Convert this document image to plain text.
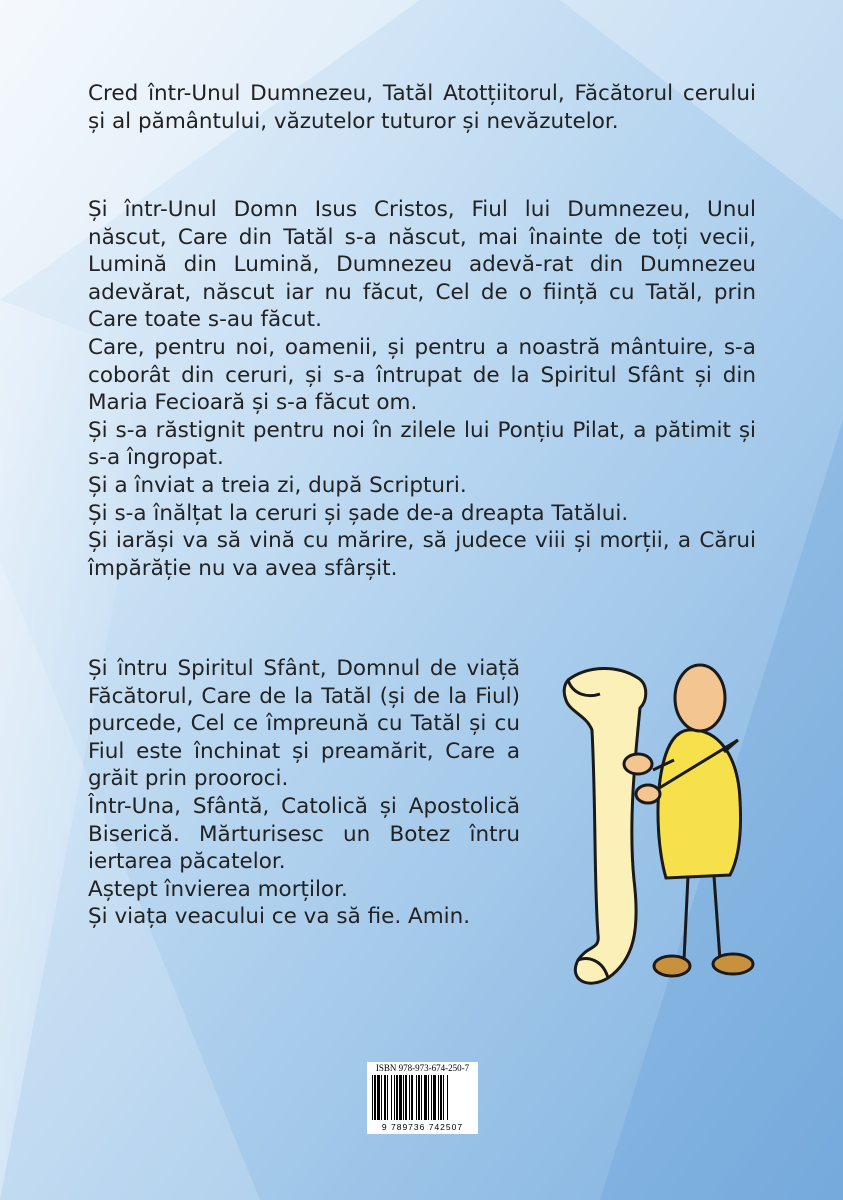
Cred într-Unul Dumnezeu, Tatăl Atotțiitorul, Făcătorul cerului și al pământului, văzutelor tuturor și nevăzutelor.

Și într-Unul Domn Isus Cristos, Fiul lui Dumnezeu, Unul născut, Care din Tatăl s-a născut, mai înainte de toți vecii, Lumină din Lumină, Dumnezeu adevă-rat din Dumnezeu adevărat, născut iar nu făcut, Cel de o ființă cu Tatăl, prin Care toate s-au făcut.

Care, pentru noi, oamenii, și pentru a noastră mântuire, s-a coborât din ceruri, și s-a întrupat de la Spiritul Sfânt și din Maria Fecioară și s-a făcut om.

Și s-a răstignit pentru noi în zilele lui Ponțiu Pilat, a pătimit și s-a îngropat.

Și a înviat a treia zi, după Scripturi.

Și s-a înălțat la ceruri și șade de-a dreapta Tatălui.

Și iarăși va să vină cu mărire, să judece viii și morții, a Cărui împărăție nu va avea sfârșit.

Și întru Spiritul Sfânt, Domnul de viață Făcătorul, Care de la Tatăl (și de la Fiul) purcede, Cel ce împreună cu Tatăl și cu Fiul este închinat și preamărit, Care a grăit prin prooroci.

Într-Una, Sfântă, Catolică și Apostolică Biserică. Mărturisesc un Botez întru iertarea păcatelor.

Aștept învierea morților.

Și viața veacului ce va să fie. Amin.

ISBN 978-973-674-250-7
9 789736 742507
